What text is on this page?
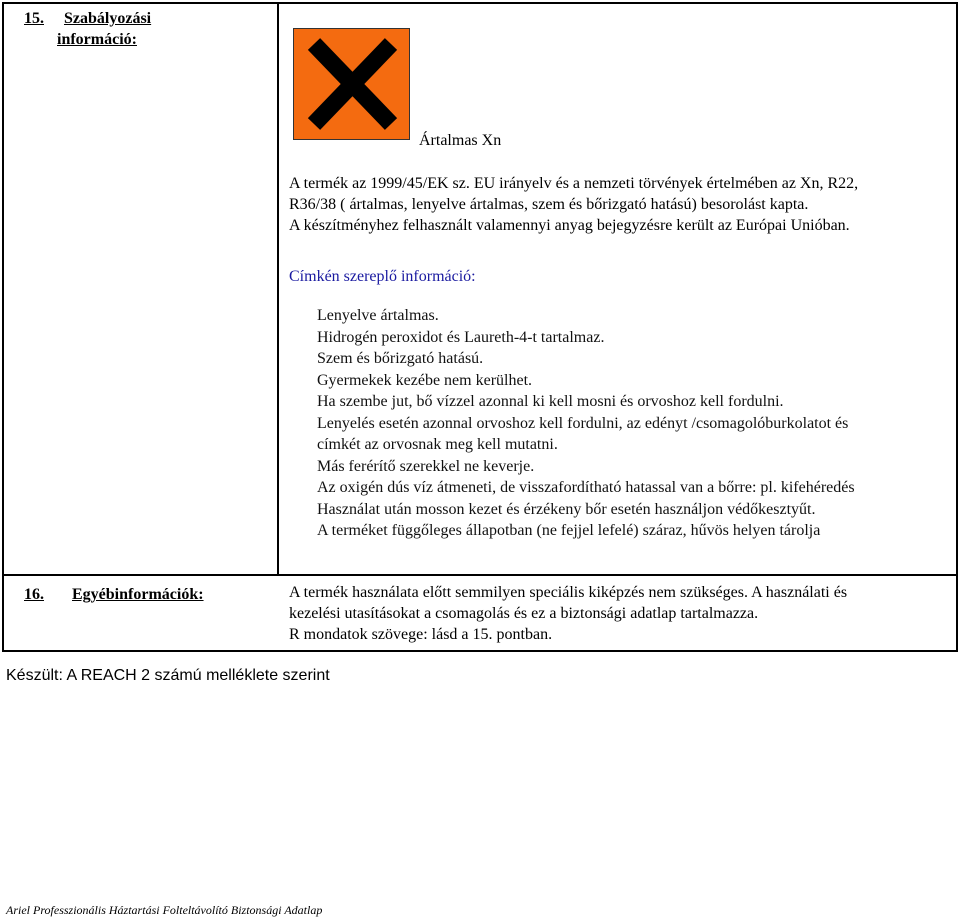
15. Szabályozási
információ:
Ártalmas Xn
A termék az 1999/45/EK sz. EU irányelv és a nemzeti törvények értelmében az Xn, R22,
R36/38 ( ártalmas, lenyelve ártalmas, szem és bőrizgató hatású) besorolást kapta.
A készítményhez felhasznált valamennyi anyag bejegyzésre került az Európai Unióban.
Címkén szereplő információ:
Lenyelve ártalmas.
Hidrogén peroxidot és Laureth-4-t tartalmaz.
Szem és bőrizgató hatású.
Gyermekek kezébe nem kerülhet.
Ha szembe jut, bő vízzel azonnal ki kell mosni és orvoshoz kell fordulni.
Lenyelés esetén azonnal orvoshoz kell fordulni, az edényt /csomagolóburkolatot és
címkét az orvosnak meg kell mutatni.
Más ferérítő szerekkel ne keverje.
Az oxigén dús víz átmeneti, de visszafordítható hatassal van a bőrre: pl. kifehéredés
Használat után mosson kezet és érzékeny bőr esetén használjon védőkesztyűt.
A terméket függőleges állapotban (ne fejjel lefelé) száraz, hűvös helyen tárolja
16. Egyébinformációk:	A termék használata előtt semmilyen speciális kiképzés nem szükséges. A használati és
kezelési utasításokat a csomagolás és ez a biztonsági adatlap tartalmazza.
R mondatok szövege: lásd a 15. pontban.
Készült: A REACH 2 számú melléklete szerint
Ariel Professzionális Háztartási Folteltávolító Biztonsági Adatlap
